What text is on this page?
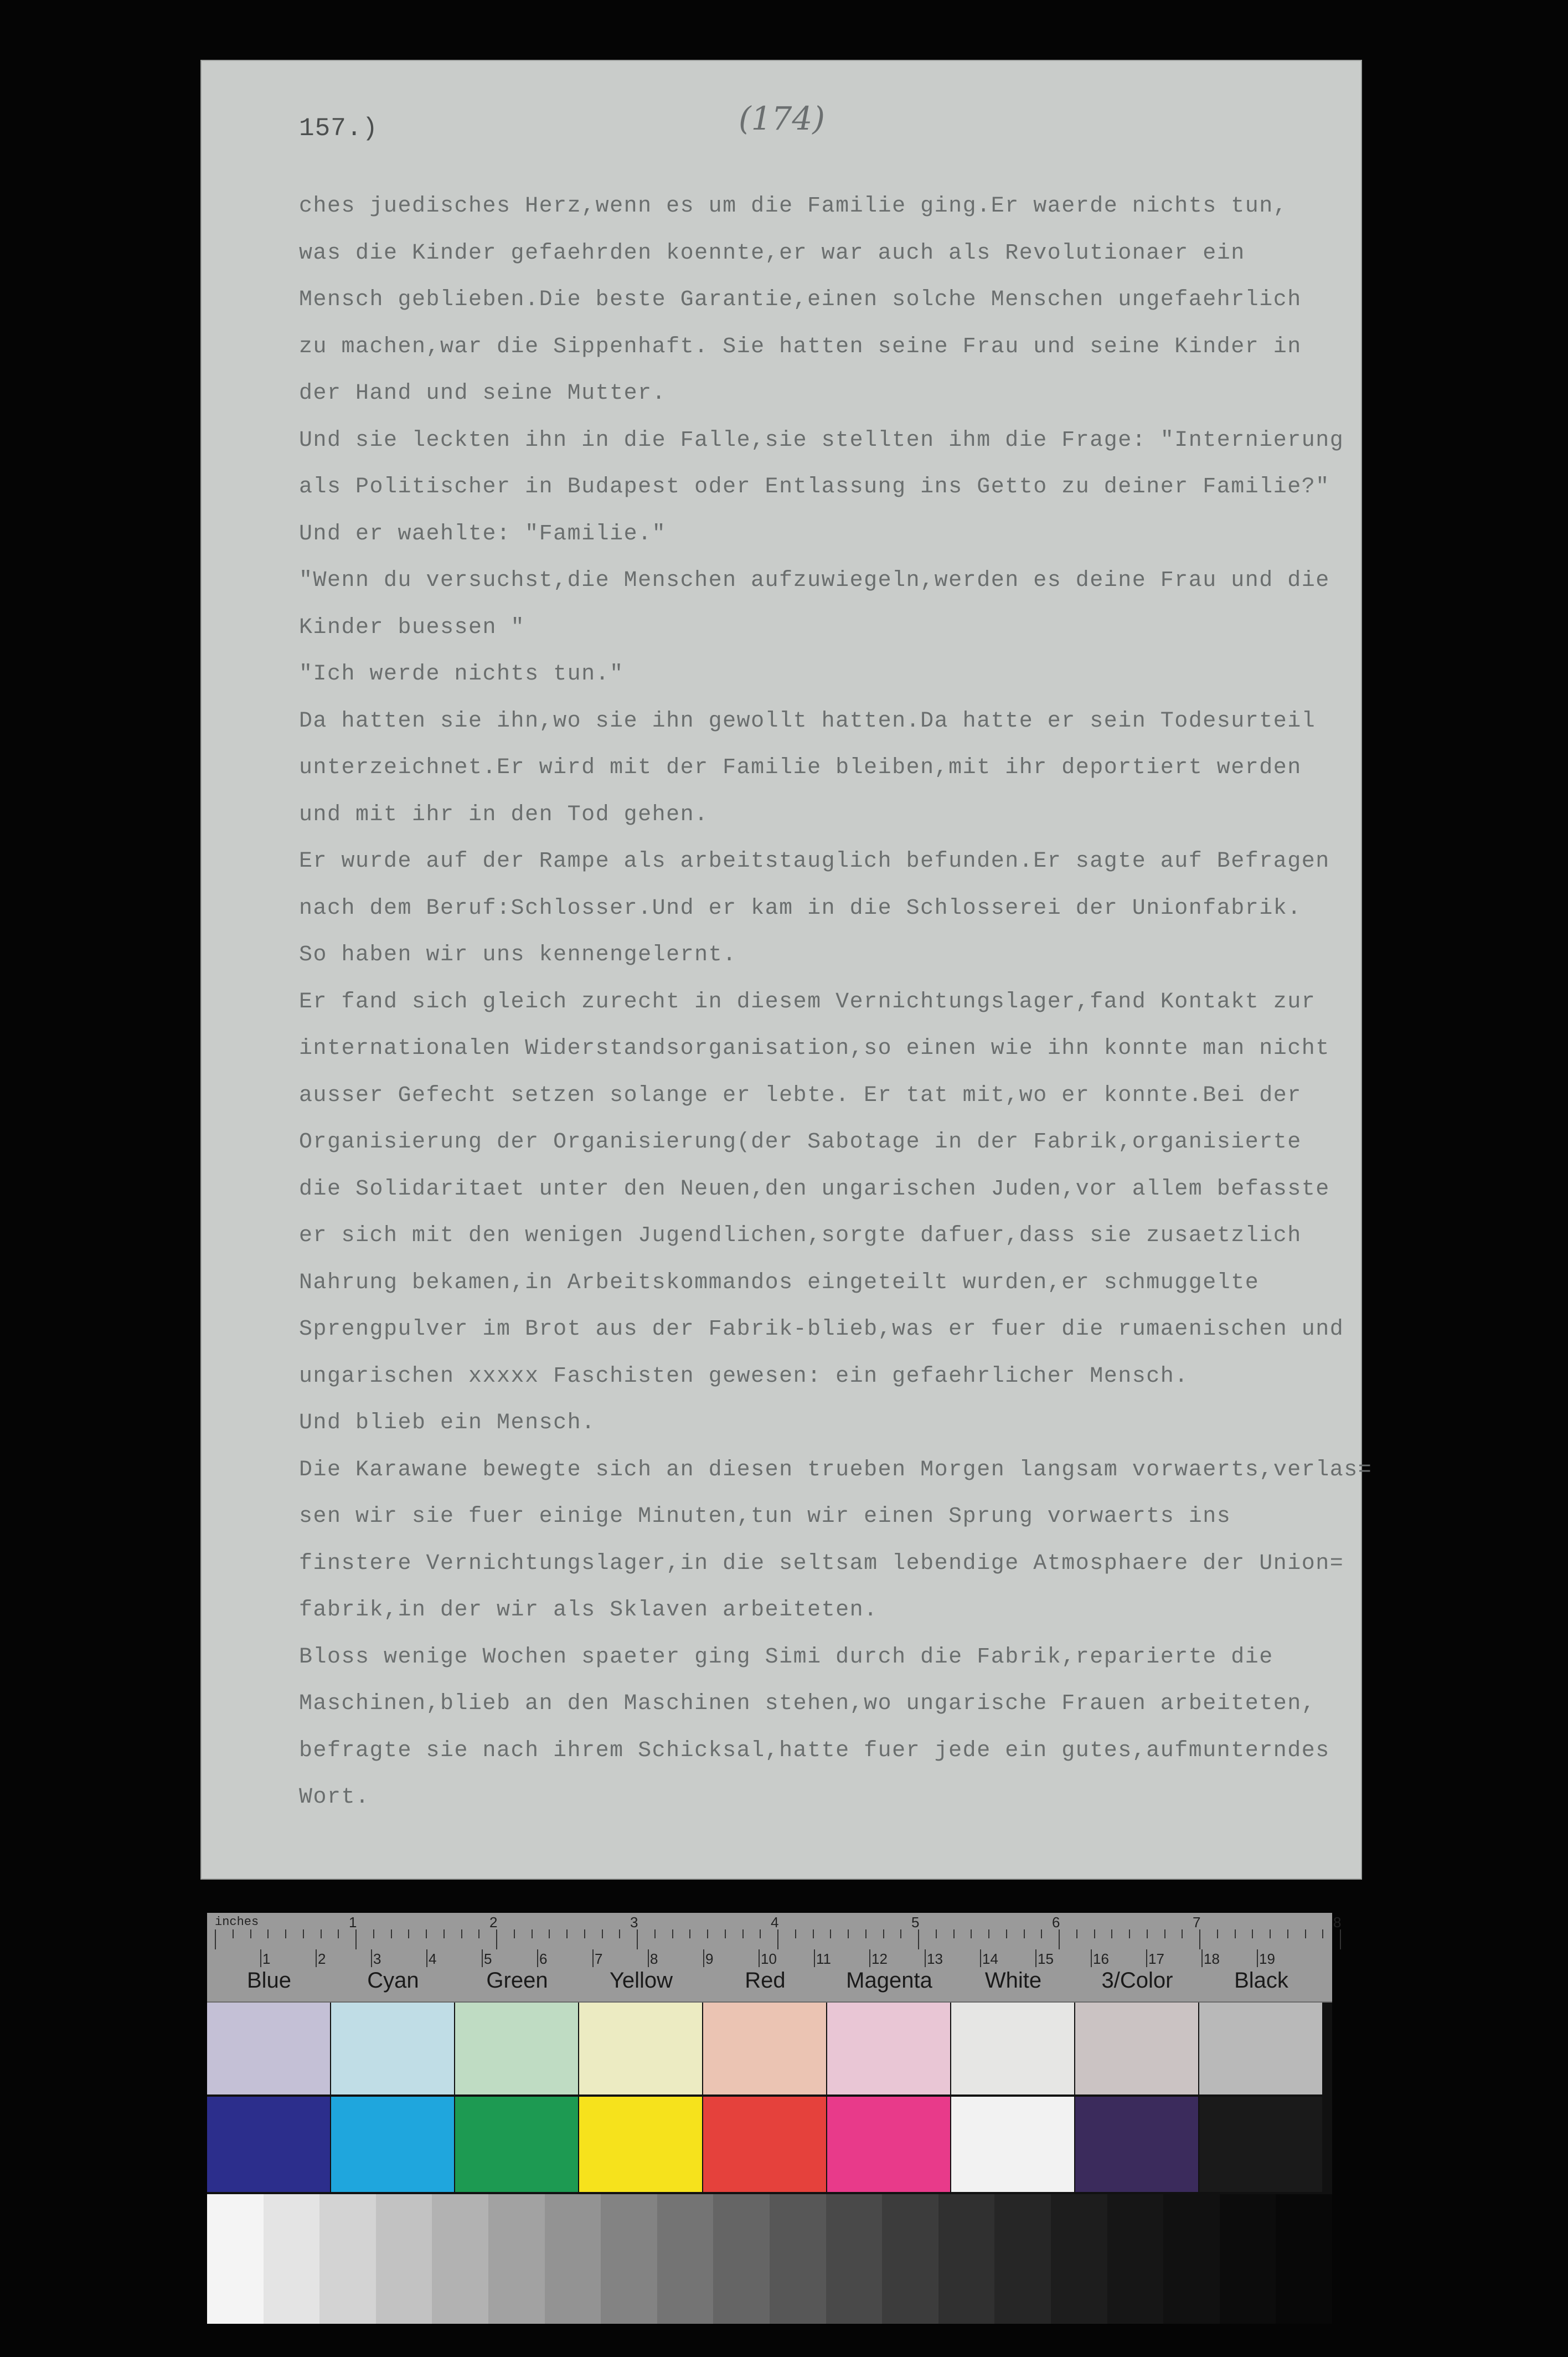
157.)	(174)
ches juedisches Herz,wenn es um die Familie ging.Er waerde nichts tun,
was die Kinder gefaehrden koennte,er war auch als Revolutionaer ein
Mensch geblieben.Die beste Garantie,einen solche Menschen ungefaehrlich
zu machen,war die Sippenhaft. Sie hatten seine Frau und seine Kinder in
der Hand und seine Mutter.
Und sie leckten ihn in die Falle,sie stellten ihm die Frage: "Internierung
als Politischer in Budapest oder Entlassung ins Getto zu deiner Familie?"
Und er waehlte: "Familie."
"Wenn du versuchst,die Menschen aufzuwiegeln,werden es deine Frau und die
Kinder buessen "
"Ich werde nichts tun."
Da hatten sie ihn,wo sie ihn gewollt hatten.Da hatte er sein Todesurteil
unterzeichnet.Er wird mit der Familie bleiben,mit ihr deportiert werden
und mit ihr in den Tod gehen.
Er wurde auf der Rampe als arbeitstauglich befunden.Er sagte auf Befragen
nach dem Beruf:Schlosser.Und er kam in die Schlosserei der Unionfabrik.
So haben wir uns kennengelernt.
Er fand sich gleich zurecht in diesem Vernichtungslager,fand Kontakt zur
internationalen Widerstandsorganisation,so einen wie ihn konnte man nicht
ausser Gefecht setzen solange er lebte. Er tat mit,wo er konnte.Bei der
Organisierung der Organisierung(der Sabotage in der Fabrik,organisierte
die Solidaritaet unter den Neuen,den ungarischen Juden,vor allem befasste
er sich mit den wenigen Jugendlichen,sorgte dafuer,dass sie zusaetzlich
Nahrung bekamen,in Arbeitskommandos eingeteilt wurden,er schmuggelte
Sprengpulver im Brot aus der Fabrik-blieb,was er fuer die rumaenischen und
ungarischen xxxxx Faschisten gewesen: ein gefaehrlicher Mensch.
Und blieb ein Mensch.
Die Karawane bewegte sich an diesen trueben Morgen langsam vorwaerts,verlas=
sen wir sie fuer einige Minuten,tun wir einen Sprung vorwaerts ins
finstere Vernichtungslager,in die seltsam lebendige Atmosphaere der Union=
fabrik,in der wir als Sklaven arbeiteten.
Bloss wenige Wochen spaeter ging Simi durch die Fabrik,reparierte die
Maschinen,blieb an den Maschinen stehen,wo ungarische Frauen arbeiteten,
befragte sie nach ihrem Schicksal,hatte fuer jede ein gutes,aufmunterndes
Wort.
inches	1	2	3	4	5	6	7	8
1	2	3	4	5	6	7	8	9	10	11	12	13	14	15	16	17	18	19
Blue	Cyan	Green	Yellow	Red	Magenta	White	3/Color	Black
